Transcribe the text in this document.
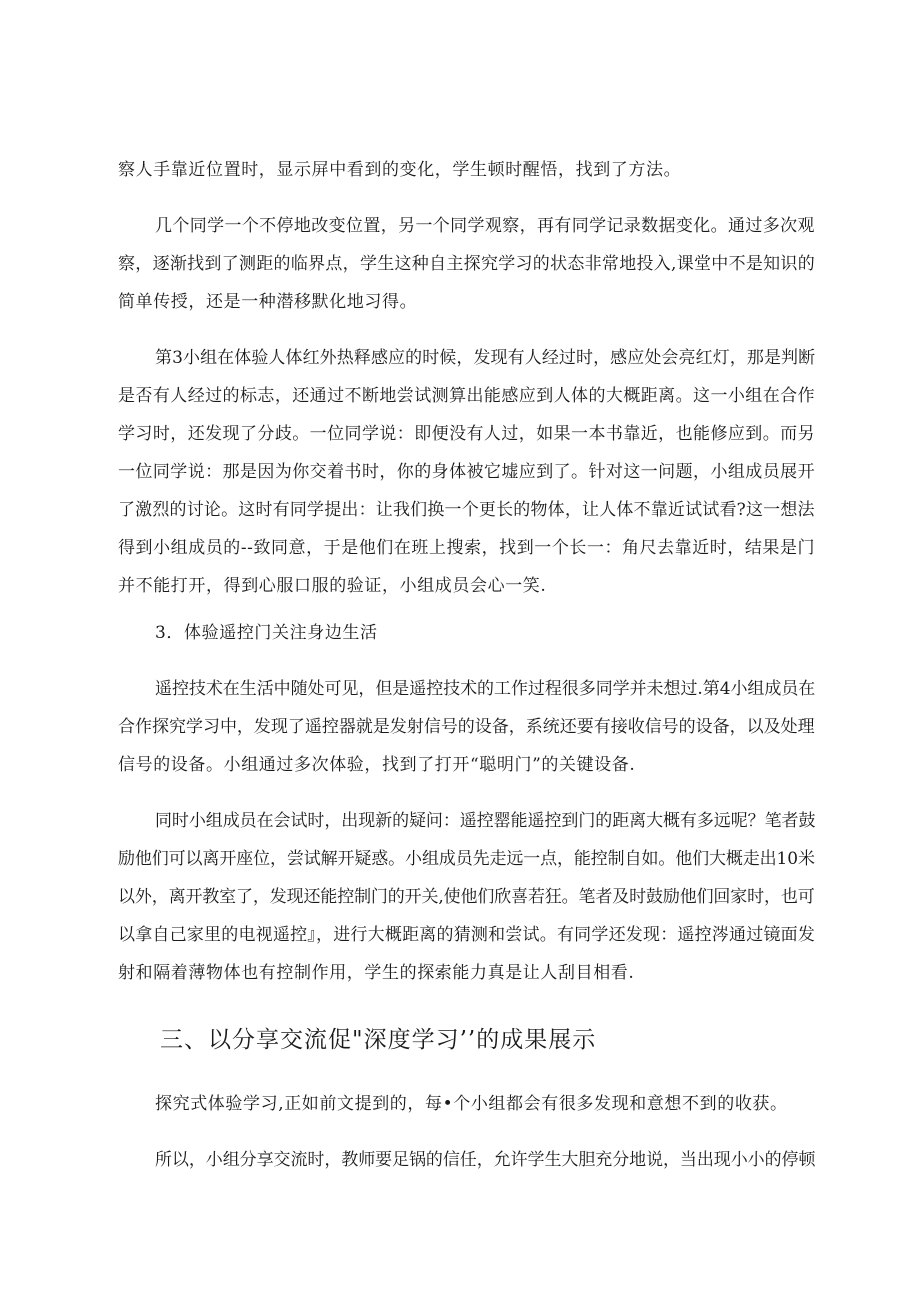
察人手靠近位置时，显示屏中看到的变化，学生顿时醒悟，找到了方法。
几个同学一个不停地改变位置，另一个同学观察，再有同学记录数据变化。通过多次观
察，逐渐找到了测距的临界点，学生这种自主探究学习的状态非常地投入,课堂中不是知识的
简单传授，还是一种潜移默化地习得。
第3小组在体验人体红外热释感应的时候，发现有人经过时，感应处会亮红灯，那是判断
是否有人经过的标志，还通过不断地尝试测算出能感应到人体的大概距离。这一小组在合作
学习时，还发现了分歧。一位同学说：即便没有人过，如果一本书靠近，也能修应到。而另
一位同学说：那是因为你交着书时，你的身体被它墟应到了。针对这一问题，小组成员展开
了激烈的讨论。这时有同学提出：让我们换一个更长的物体，让人体不靠近试试看?这一想法
得到小组成员的--致同意，于是他们在班上搜索，找到一个长一：角尺去靠近时，结果是门
并不能打开，得到心服口服的验证，小组成员会心一笑.
3．体验遥控门关注身边生活
遥控技术在生活中随处可见，但是遥控技术的工作过程很多同学并未想过.第4小组成员在
合作探究学习中，发现了遥控器就是发射信号的设备，系统还要有接收信号的设备，以及处理
信号的设备。小组通过多次体验，找到了打开“聪明门”的关键设备.
同时小组成员在会试时，出现新的疑问：遥控罂能遥控到门的距离大概有多远呢？笔者鼓
励他们可以离开座位，尝试解开疑惑。小组成员先走远一点，能控制自如。他们大概走出10米
以外，离开教室了，发现还能控制门的开关,使他们欣喜若狂。笔者及时鼓励他们回家时，也可
以拿自己家里的电视遥控』，进行大概距离的猜测和尝试。有同学还发现：遥控涔通过镜面发
射和隔着薄物体也有控制作用，学生的探索能力真是让人刮目相看.
三、以分享交流促"深度学习’’的成果展示
探究式体验学习,正如前文提到的，每•个小组都会有很多发现和意想不到的收获。
所以，小组分享交流时，教师要足锅的信任，允许学生大胆充分地说，当出现小小的停顿
